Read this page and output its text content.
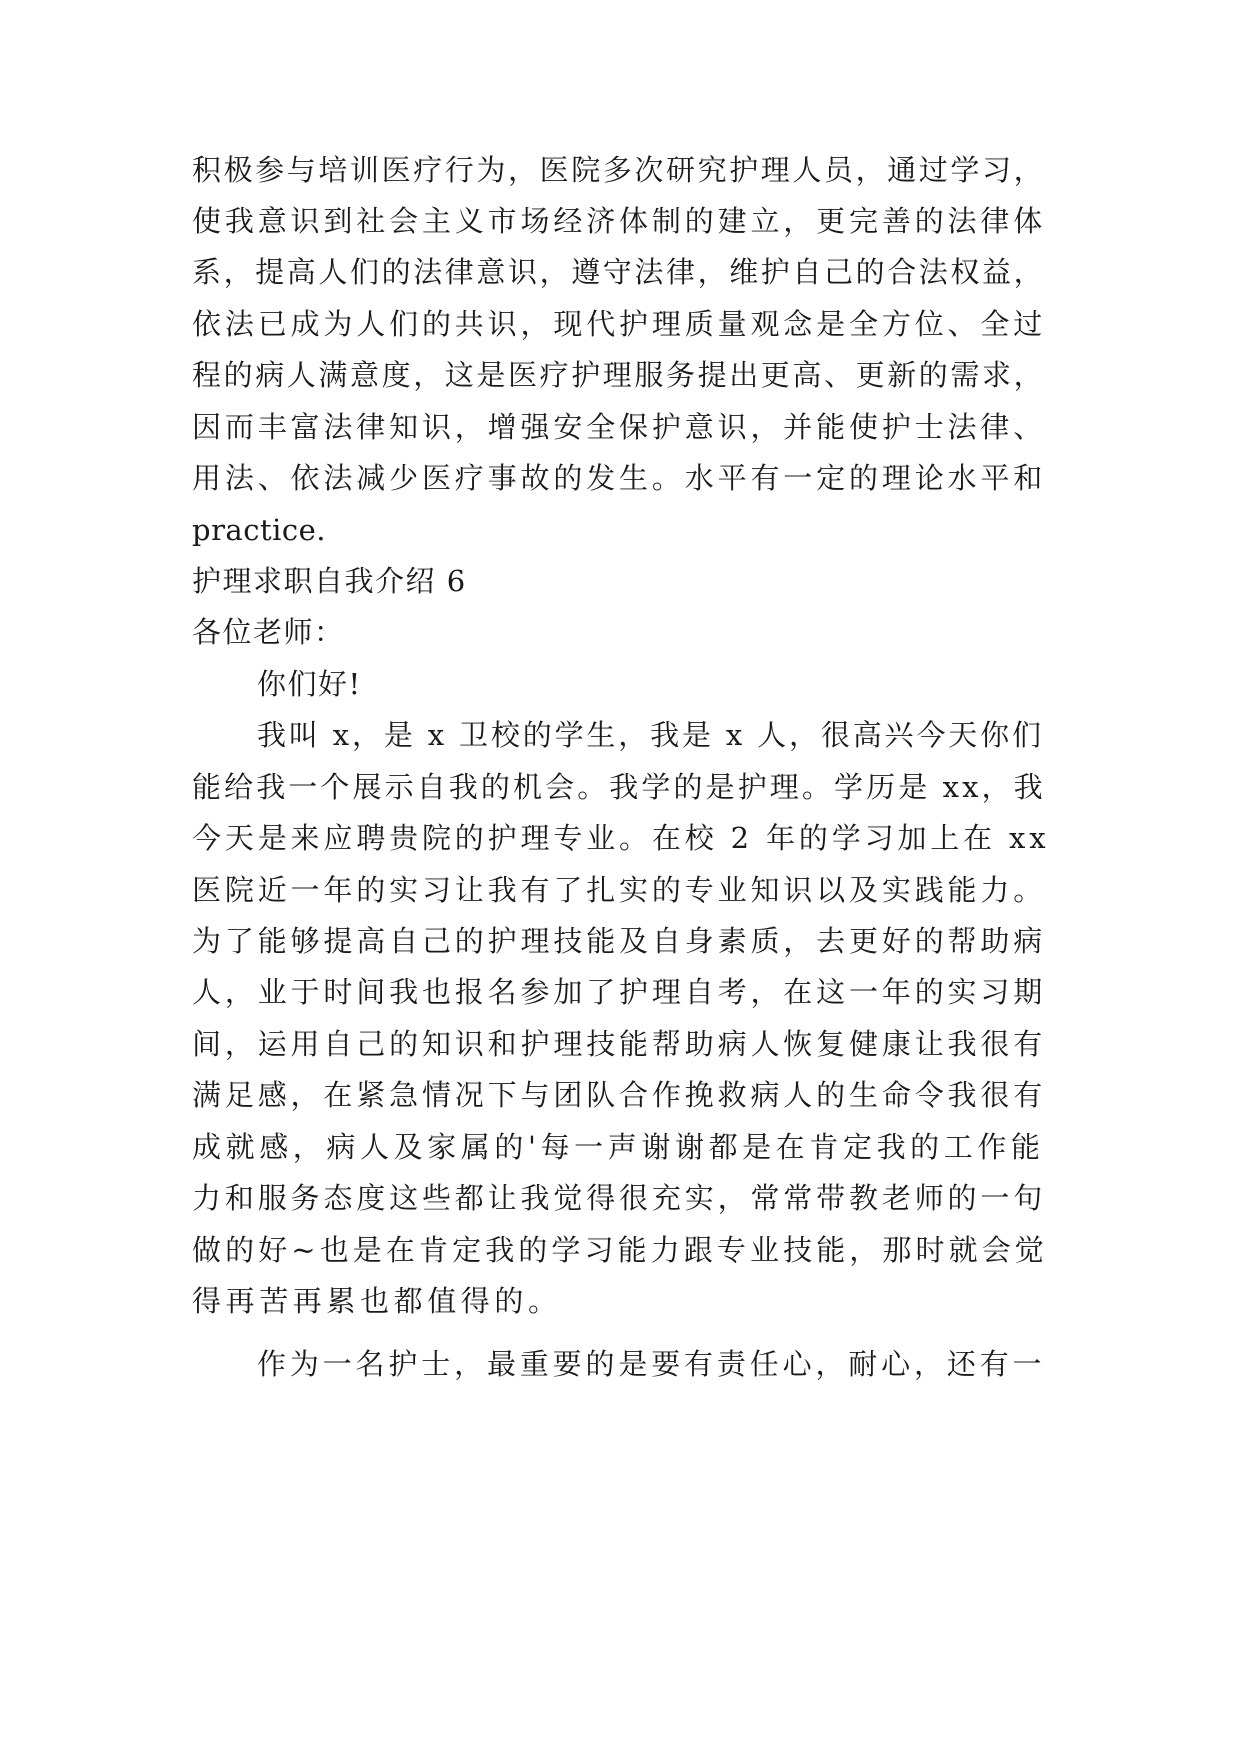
积极参与培训医疗行为，医院多次研究护理人员，通过学习，
使我意识到社会主义市场经济体制的建立，更完善的法律体
系，提高人们的法律意识，遵守法律，维护自己的合法权益，
依法已成为人们的共识，现代护理质量观念是全方位、全过
程的病人满意度，这是医疗护理服务提出更高、更新的需求，
因而丰富法律知识，增强安全保护意识，并能使护士法律、
用法、依法减少医疗事故的发生。水平有一定的理论水平和
practice.
护理求职自我介绍 6
各位老师：
你们好!
我叫 x，是 x 卫校的学生，我是 x 人，很高兴今天你们
能给我一个展示自我的机会。我学的是护理。学历是 xx，我
今天是来应聘贵院的护理专业。在校 2 年的学习加上在 xx
医院近一年的实习让我有了扎实的专业知识以及实践能力。
为了能够提高自己的护理技能及自身素质，去更好的帮助病
人，业于时间我也报名参加了护理自考，在这一年的实习期
间，运用自己的知识和护理技能帮助病人恢复健康让我很有
满足感，在紧急情况下与团队合作挽救病人的生命令我很有
成就感，病人及家属的'每一声谢谢都是在肯定我的工作能
力和服务态度这些都让我觉得很充实，常常带教老师的一句
做的好~也是在肯定我的学习能力跟专业技能，那时就会觉
得再苦再累也都值得的。
作为一名护士，最重要的是要有责任心，耐心，还有一
